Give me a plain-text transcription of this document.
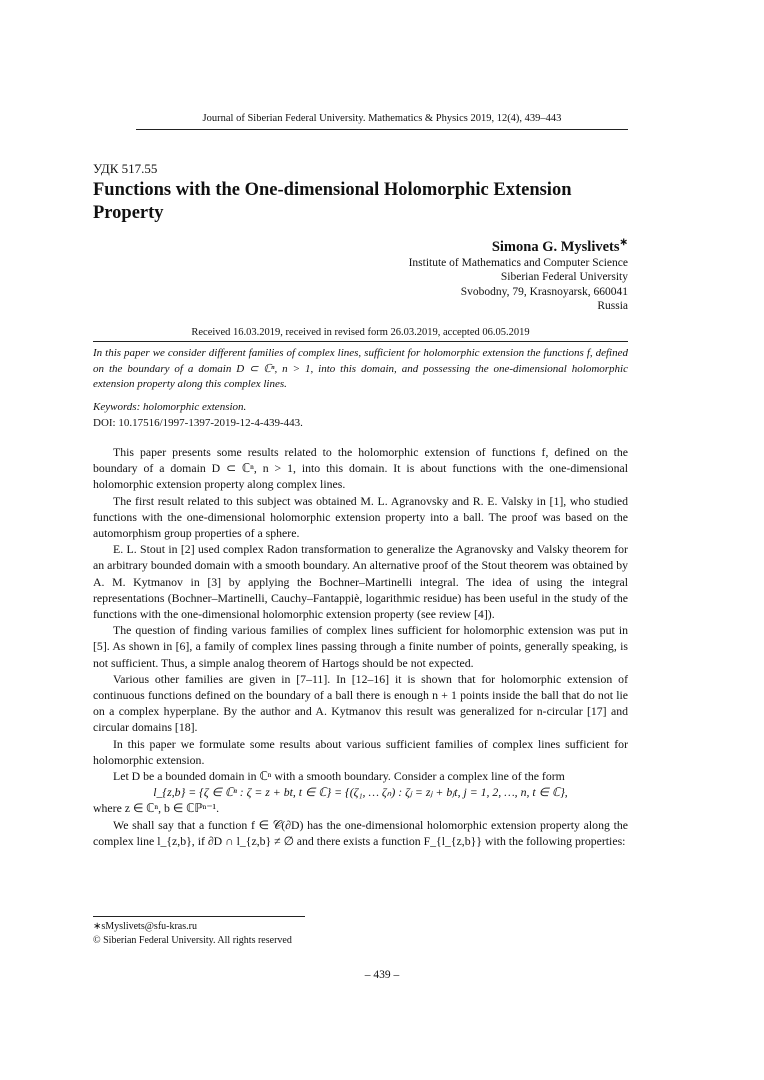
Journal of Siberian Federal University. Mathematics & Physics 2019, 12(4), 439–443
УДК 517.55
Functions with the One-dimensional Holomorphic Extension Property
Simona G. Myslivets∗
Institute of Mathematics and Computer Science
Siberian Federal University
Svobodny, 79, Krasnoyarsk, 660041
Russia
Received 16.03.2019, received in revised form 26.03.2019, accepted 06.05.2019
In this paper we consider different families of complex lines, sufficient for holomorphic extension the functions f, defined on the boundary of a domain D ⊂ ℂⁿ, n > 1, into this domain, and possessing the one-dimensional holomorphic extension property along this complex lines.
Keywords: holomorphic extension.
DOI: 10.17516/1997-1397-2019-12-4-439-443.

This paper presents some results related to the holomorphic extension of functions f, defined on the boundary of a domain D ⊂ ℂⁿ, n > 1, into this domain. It is about functions with the one-dimensional holomorphic extension property along complex lines.

The first result related to this subject was obtained M. L. Agranovsky and R. E. Valsky in [1], who studied functions with the one-dimensional holomorphic extension property into a ball. The proof was based on the automorphism group properties of a sphere.

E. L. Stout in [2] used complex Radon transformation to generalize the Agranovsky and Valsky theorem for an arbitrary bounded domain with a smooth boundary. An alternative proof of the Stout theorem was obtained by A. M. Kytmanov in [3] by applying the Bochner–Martinelli integral. The idea of using the integral representations (Bochner–Martinelli, Cauchy–Fantappiè, logarithmic residue) has been useful in the study of the functions with the one-dimensional holomorphic extension property (see review [4]).

The question of finding various families of complex lines sufficient for holomorphic extension was put in [5]. As shown in [6], a family of complex lines passing through a finite number of points, generally speaking, is not sufficient. Thus, a simple analog theorem of Hartogs should be not expected.

Various other families are given in [7–11]. In [12–16] it is shown that for holomorphic extension of continuous functions defined on the boundary of a ball there is enough n + 1 points inside the ball that do not lie on a complex hyperplane. By the author and A. Kytmanov this result was generalized for n-circular [17] and circular domains [18].

In this paper we formulate some results about various sufficient families of complex lines sufficient for holomorphic extension.

Let D be a bounded domain in ℂⁿ with a smooth boundary. Consider a complex line of the form

l_{z,b} = {ζ ∈ ℂⁿ : ζ = z + bt, t ∈ ℂ} = {(ζ₁, … ζₙ) : ζⱼ = zⱼ + bⱼt, j = 1, 2, …, n, t ∈ ℂ},

where z ∈ ℂⁿ, b ∈ ℂℙⁿ⁻¹.

We shall say that a function f ∈ 𝒞(∂D) has the one-dimensional holomorphic extension property along the complex line l_{z,b}, if ∂D ∩ l_{z,b} ≠ ∅ and there exists a function F_{l_{z,b}} with the following properties:

∗sMyslivets@sfu-kras.ru
© Siberian Federal University. All rights reserved
– 439 –
